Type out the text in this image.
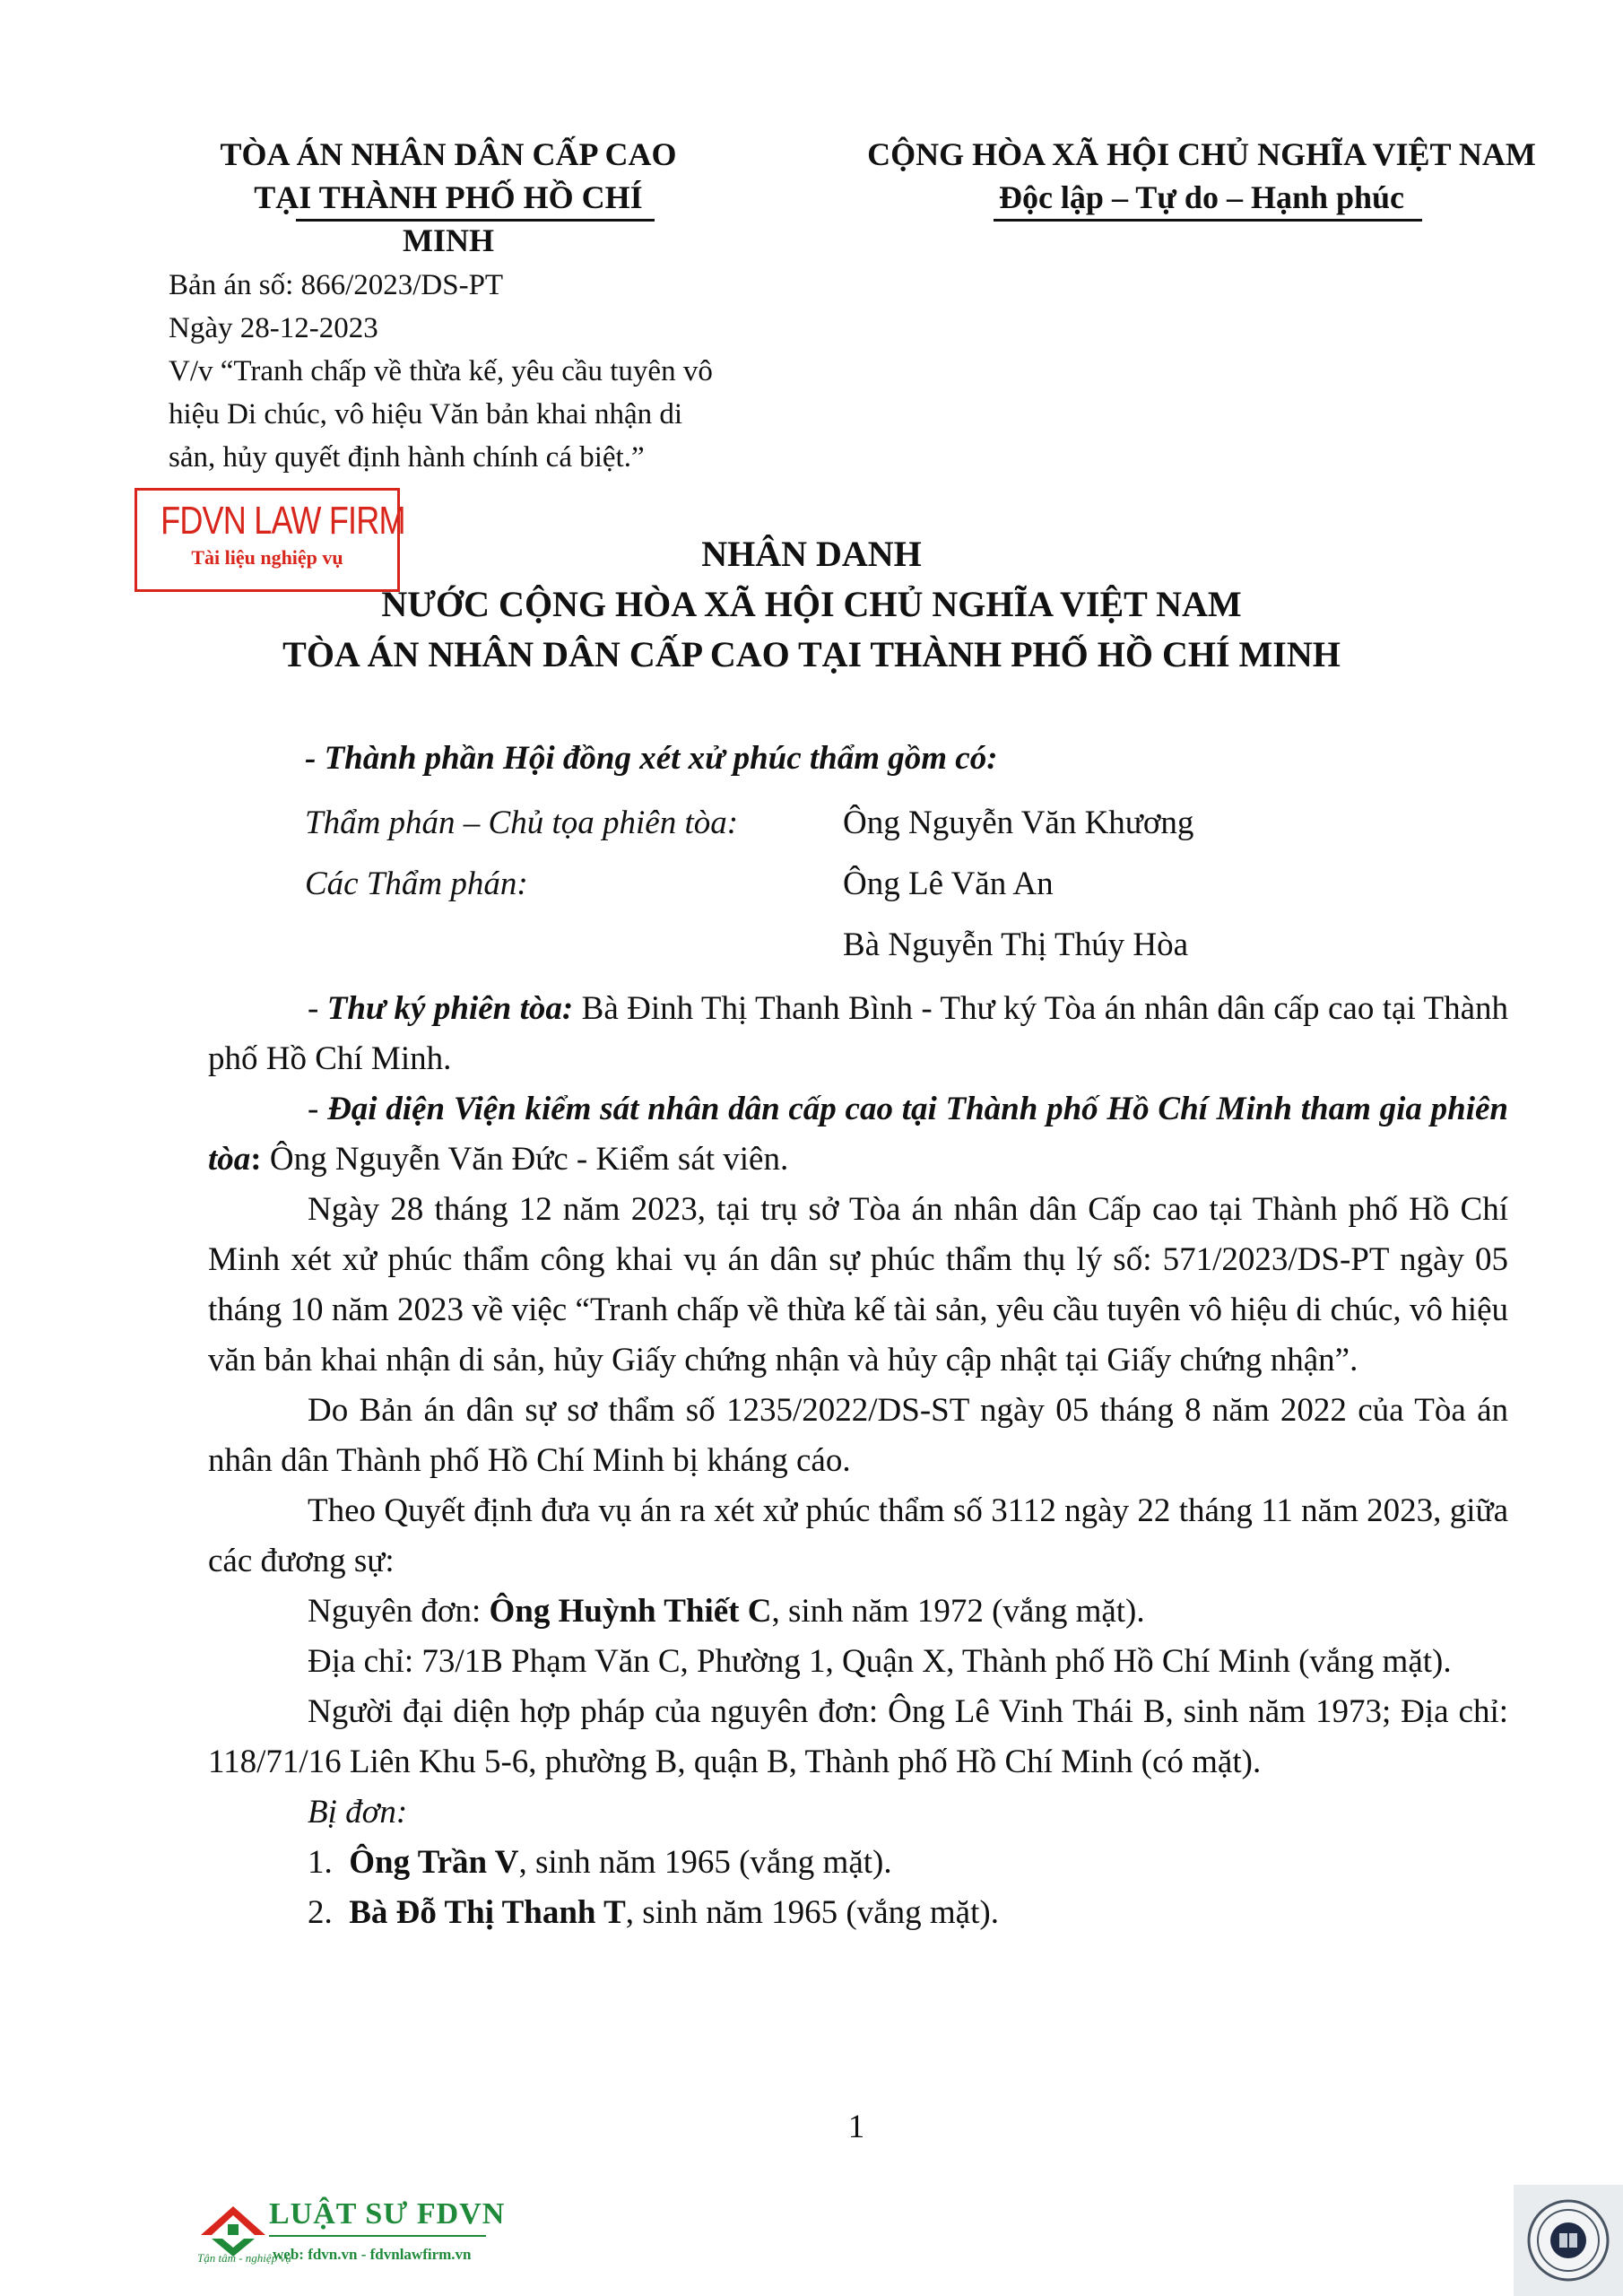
TÒA ÁN NHÂN DÂN CẤP CAO
TẠI THÀNH PHỐ HỒ CHÍ MINH
CỘNG HÒA XÃ HỘI CHỦ NGHĨA VIỆT NAM
Độc lập – Tự do – Hạnh phúc
Bản án số: 866/2023/DS-PT
Ngày 28-12-2023
V/v “Tranh chấp về thừa kế, yêu cầu tuyên vô
hiệu Di chúc, vô hiệu Văn bản khai nhận di
sản, hủy quyết định hành chính cá biệt.”
FDVN LAW FIRM
Tài liệu nghiệp vụ	NHÂN DANH
NƯỚC CỘNG HÒA XÃ HỘI CHỦ NGHĨA VIỆT NAM
TÒA ÁN NHÂN DÂN CẤP CAO TẠI THÀNH PHỐ HỒ CHÍ MINH
- Thành phần Hội đồng xét xử phúc thẩm gồm có:
Thẩm phán – Chủ tọa phiên tòa:	Ông Nguyễn Văn Khương
Các Thẩm phán:	Ông Lê Văn An
Bà Nguyễn Thị Thúy Hòa
- Thư ký phiên tòa: Bà Đinh Thị Thanh Bình - Thư ký Tòa án nhân dân cấp cao tại Thành phố Hồ Chí Minh.
- Đại diện Viện kiểm sát nhân dân cấp cao tại Thành phố Hồ Chí Minh tham gia phiên tòa: Ông Nguyễn Văn Đức - Kiểm sát viên.
Ngày 28 tháng 12 năm 2023, tại trụ sở Tòa án nhân dân Cấp cao tại Thành phố Hồ Chí Minh xét xử phúc thẩm công khai vụ án dân sự phúc thẩm thụ lý số: 571/2023/DS-PT ngày 05 tháng 10 năm 2023 về việc “Tranh chấp về thừa kế tài sản, yêu cầu tuyên vô hiệu di chúc, vô hiệu văn bản khai nhận di sản, hủy Giấy chứng nhận và hủy cập nhật tại Giấy chứng nhận”.
Do Bản án dân sự sơ thẩm số 1235/2022/DS-ST ngày 05 tháng 8 năm 2022 của Tòa án nhân dân Thành phố Hồ Chí Minh bị kháng cáo.
Theo Quyết định đưa vụ án ra xét xử phúc thẩm số 3112 ngày 22 tháng 11 năm 2023, giữa các đương sự:
Nguyên đơn: Ông Huỳnh Thiết C, sinh năm 1972 (vắng mặt).
Địa chỉ: 73/1B Phạm Văn C, Phường 1, Quận X, Thành phố Hồ Chí Minh (vắng mặt).
Người đại diện hợp pháp của nguyên đơn: Ông Lê Vinh Thái B, sinh năm 1973; Địa chỉ: 118/71/16 Liên Khu 5-6, phường B, quận B, Thành phố Hồ Chí Minh (có mặt).
Bị đơn:
1. Ông Trần V, sinh năm 1965 (vắng mặt).
2. Bà Đỗ Thị Thanh T, sinh năm 1965 (vắng mặt).
1
LUẬT SƯ FDVN
Tận tâm - nghiệp vụ
web: fdvn.vn - fdvnlawfirm.vn
